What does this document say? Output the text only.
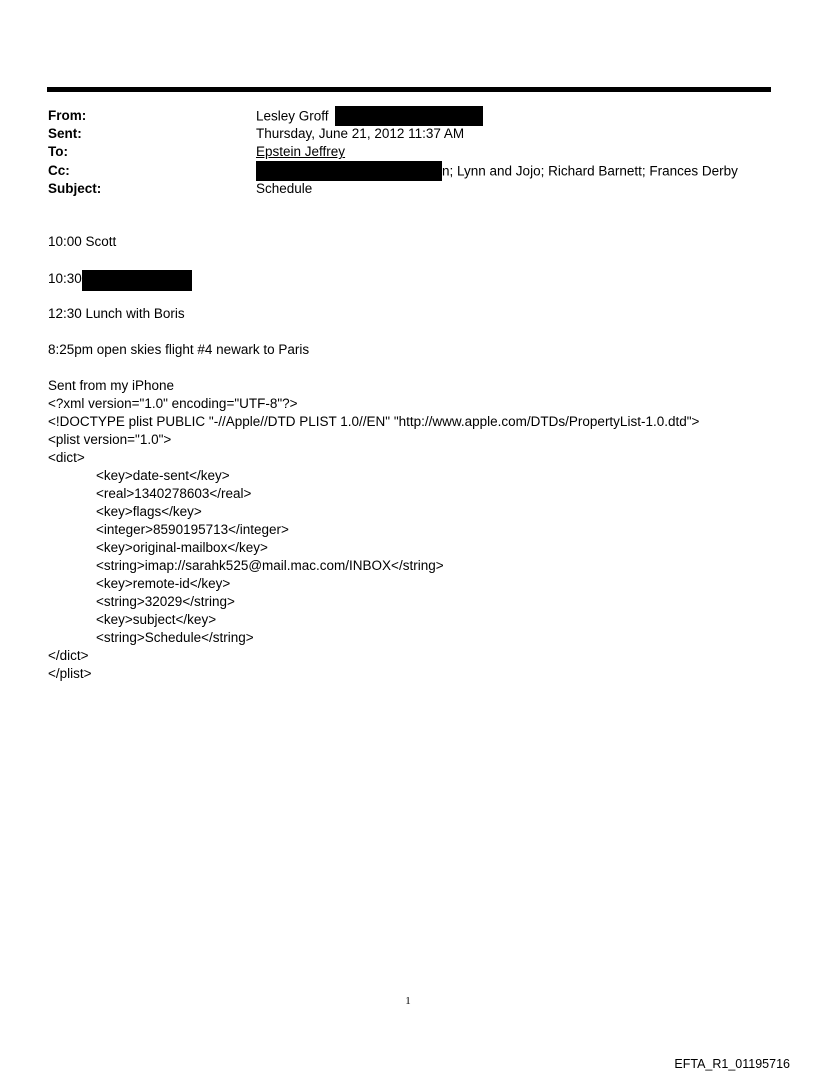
From:	Lesley Groff
Sent:	Thursday, June 21, 2012 11:37 AM
To:	Epstein Jeffrey
Cc:	n; Lynn and Jojo; Richard Barnett; Frances Derby
Subject:	Schedule
10:00 Scott
10:30
12:30 Lunch with Boris
8:25pm open skies flight #4 newark to Paris
Sent from my iPhone
<?xml version="1.0" encoding="UTF-8"?>
<!DOCTYPE plist PUBLIC "-//Apple//DTD PLIST 1.0//EN" "http://www.apple.com/DTDs/PropertyList-1.0.dtd">
<plist version="1.0">
<dict>
<key>date-sent</key>
<real>1340278603</real>
<key>flags</key>
<integer>8590195713</integer>
<key>original-mailbox</key>
<string>imap://sarahk525@mail.mac.com/INBOX</string>
<key>remote-id</key>
<string>32029</string>
<key>subject</key>
<string>Schedule</string>
</dict>
</plist>
1
EFTA_R1_01195716
